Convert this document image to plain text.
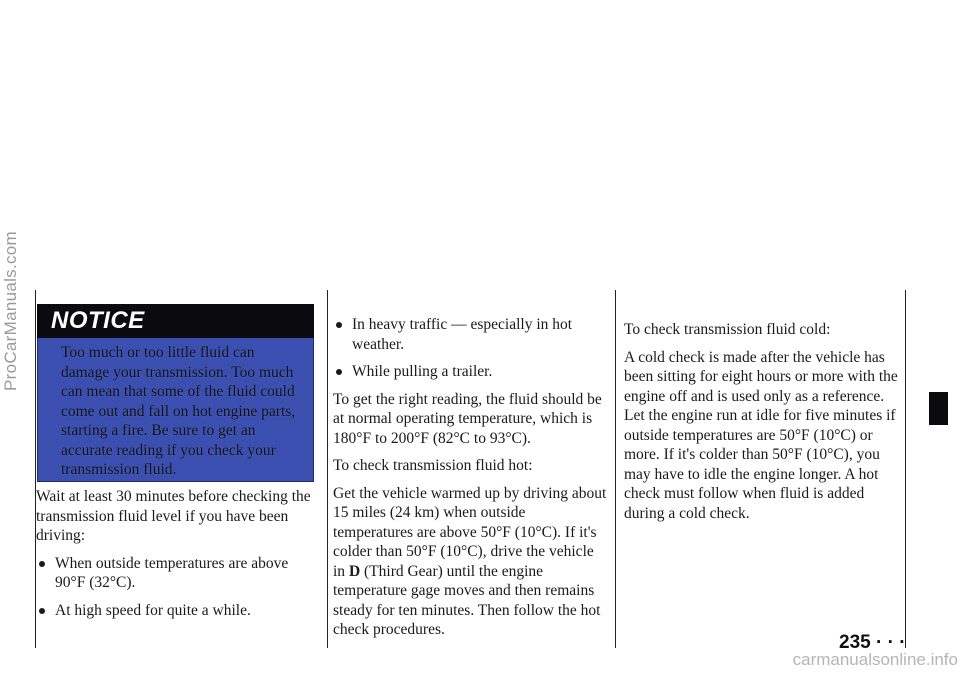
ProCarManuals.com	NOTICE
Too much or too little fluid can damage your transmission. Too much can mean that some of the fluid could come out and fall on hot engine parts, starting a fire. Be sure to get an accurate reading if you check your transmission fluid.

Wait at least 30 minutes before checking the transmission fluid level if you have been driving:

When outside temperatures are above 90°F (32°C).
At high speed for quite a while.
In heavy traffic — especially in hot weather.
While pulling a trailer.

To get the right reading, the fluid should be at normal operating temperature, which is 180°F to 200°F (82°C to 93°C).

To check transmission fluid hot:

Get the vehicle warmed up by driving about 15 miles (24 km) when outside temperatures are above 50°F (10°C). If it's colder than 50°F (10°C), drive the vehicle in D (Third Gear) until the engine temperature gage moves and then remains steady for ten minutes. Then follow the hot check procedures.

To check transmission fluid cold:

A cold check is made after the vehicle has been sitting for eight hours or more with the engine off and is used only as a reference. Let the engine run at idle for five minutes if outside temperatures are 50°F (10°C) or more. If it's colder than 50°F (10°C), you may have to idle the engine longer. A hot check must follow when fluid is added during a cold check.

235 · · ·
carmanualsonline.info
